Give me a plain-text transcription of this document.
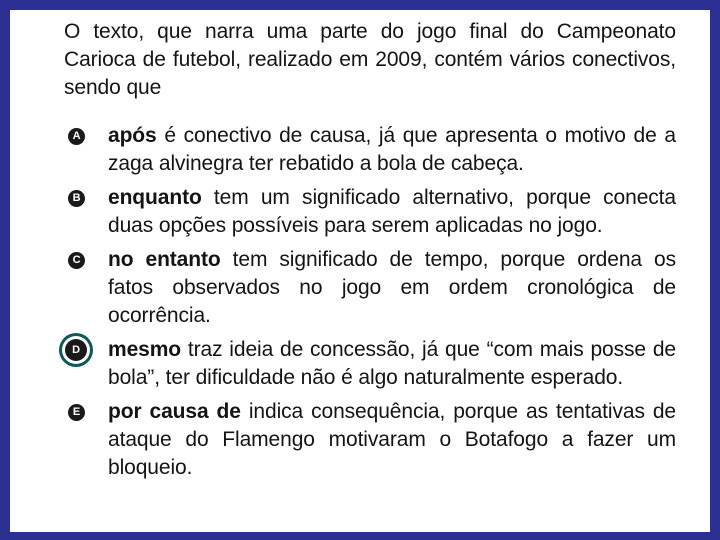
O texto, que narra uma parte do jogo final do Campeonato Carioca de futebol, realizado em 2009, contém vários conectivos, sendo que

A após é conectivo de causa, já que apresenta o motivo de a zaga alvinegra ter rebatido a bola de cabeça.
B enquanto tem um significado alternativo, porque conecta duas opções possíveis para serem aplicadas no jogo.
C no entanto tem significado de tempo, porque ordena os fatos observados no jogo em ordem cronológica de ocorrência.
D	mesmo traz ideia de concessão, já que “com mais posse de bola”, ter dificuldade não é algo naturalmente esperado.
E por causa de indica consequência, porque as tentativas de ataque do Flamengo motivaram o Botafogo a fazer um bloqueio.
